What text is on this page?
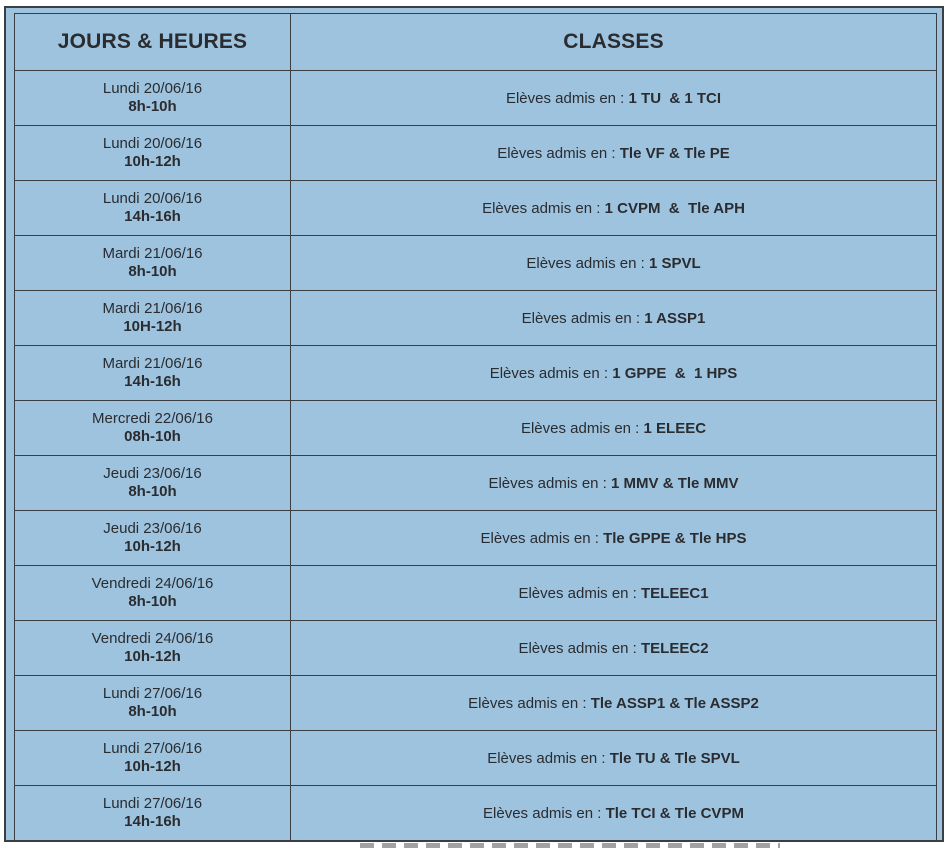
JOURS & HEURES	CLASSES

Lundi 20/06/16
8h-10h	Elèves admis en : 1 TU  & 1 TCI

Lundi 20/06/16
10h-12h	Elèves admis en : Tle VF & Tle PE

Lundi 20/06/16
14h-16h	Elèves admis en : 1 CVPM  &  Tle APH

Mardi 21/06/16
8h-10h	Elèves admis en : 1 SPVL

Mardi 21/06/16
10H-12h	Elèves admis en : 1 ASSP1

Mardi 21/06/16
14h-16h	Elèves admis en : 1 GPPE  &  1 HPS

Mercredi 22/06/16
08h-10h	Elèves admis en : 1 ELEEC

Jeudi 23/06/16
8h-10h	Elèves admis en : 1 MMV & Tle MMV

Jeudi 23/06/16
10h-12h	Elèves admis en : Tle GPPE & Tle HPS

Vendredi 24/06/16
8h-10h	Elèves admis en : TELEEC1

Vendredi 24/06/16
10h-12h	Elèves admis en : TELEEC2

Lundi 27/06/16
8h-10h	Elèves admis en : Tle ASSP1 & Tle ASSP2

Lundi 27/06/16
10h-12h	Elèves admis en : Tle TU & Tle SPVL

Lundi 27/06/16
14h-16h	Elèves admis en : Tle TCI & Tle CVPM
